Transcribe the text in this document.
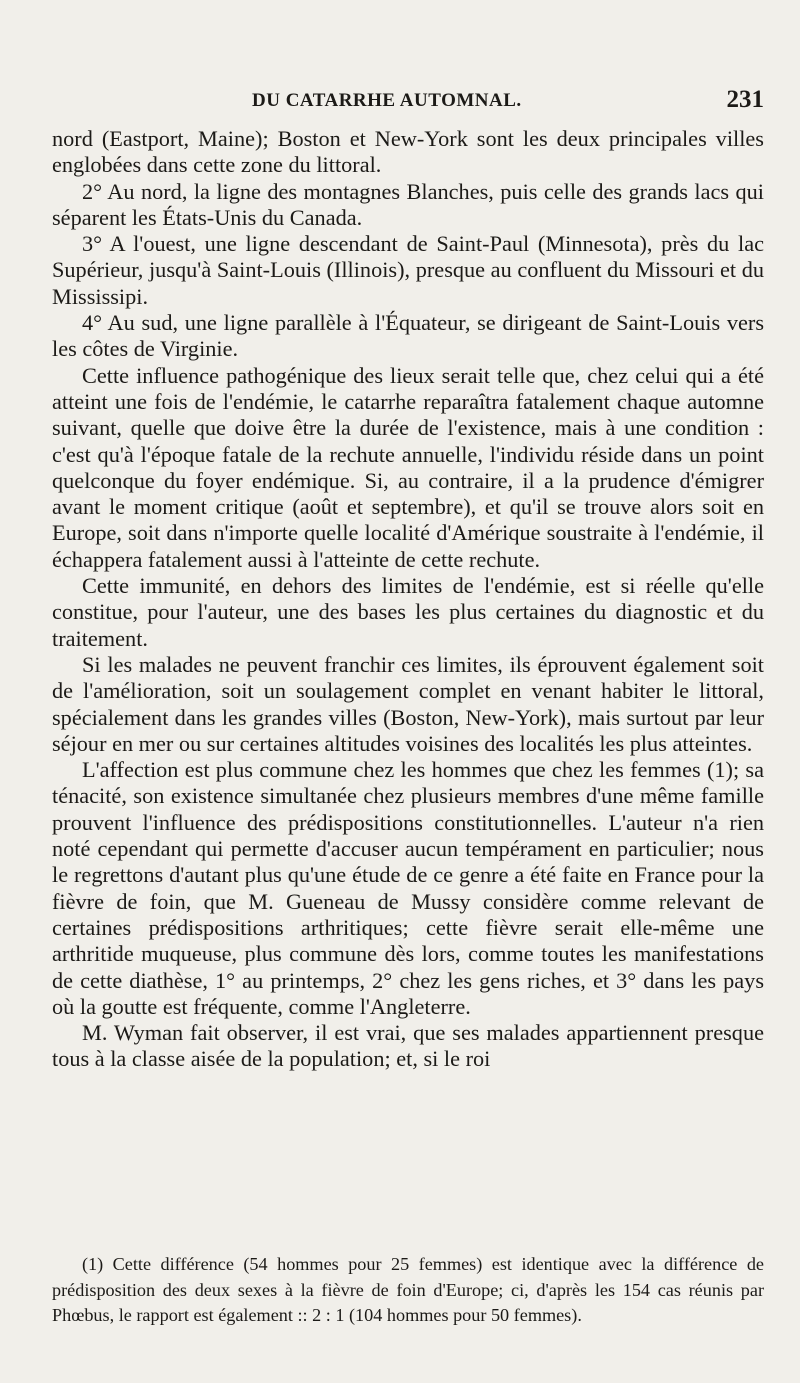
DU CATARRHE AUTOMNAL.	231

nord (Eastport, Maine); Boston et New-York sont les deux principales villes englobées dans cette zone du littoral.

2° Au nord, la ligne des montagnes Blanches, puis celle des grands lacs qui séparent les États-Unis du Canada.

3° A l'ouest, une ligne descendant de Saint-Paul (Minnesota), près du lac Supérieur, jusqu'à Saint-Louis (Illinois), presque au confluent du Missouri et du Mississipi.

4° Au sud, une ligne parallèle à l'Équateur, se dirigeant de Saint-Louis vers les côtes de Virginie.

Cette influence pathogénique des lieux serait telle que, chez celui qui a été atteint une fois de l'endémie, le catarrhe reparaîtra fatalement chaque automne suivant, quelle que doive être la durée de l'existence, mais à une condition : c'est qu'à l'époque fatale de la rechute annuelle, l'individu réside dans un point quelconque du foyer endémique. Si, au contraire, il a la prudence d'émigrer avant le moment critique (août et septembre), et qu'il se trouve alors soit en Europe, soit dans n'importe quelle localité d'Amérique soustraite à l'endémie, il échappera fatalement aussi à l'atteinte de cette rechute.

Cette immunité, en dehors des limites de l'endémie, est si réelle qu'elle constitue, pour l'auteur, une des bases les plus certaines du diagnostic et du traitement.

Si les malades ne peuvent franchir ces limites, ils éprouvent également soit de l'amélioration, soit un soulagement complet en venant habiter le littoral, spécialement dans les grandes villes (Boston, New-York), mais surtout par leur séjour en mer ou sur certaines altitudes voisines des localités les plus atteintes.

L'affection est plus commune chez les hommes que chez les femmes (1); sa ténacité, son existence simultanée chez plusieurs membres d'une même famille prouvent l'influence des prédispositions constitutionnelles. L'auteur n'a rien noté cependant qui permette d'accuser aucun tempérament en particulier; nous le regrettons d'autant plus qu'une étude de ce genre a été faite en France pour la fièvre de foin, que M. Gueneau de Mussy considère comme relevant de certaines prédispositions arthritiques; cette fièvre serait elle-même une arthritide muqueuse, plus commune dès lors, comme toutes les manifestations de cette diathèse, 1° au printemps, 2° chez les gens riches, et 3° dans les pays où la goutte est fréquente, comme l'Angleterre.

M. Wyman fait observer, il est vrai, que ses malades appartiennent presque tous à la classe aisée de la population; et, si le roi

(1) Cette différence (54 hommes pour 25 femmes) est identique avec la différence de prédisposition des deux sexes à la fièvre de foin d'Europe; ci, d'après les 154 cas réunis par Phœbus, le rapport est également :: 2 : 1 (104 hommes pour 50 femmes).
